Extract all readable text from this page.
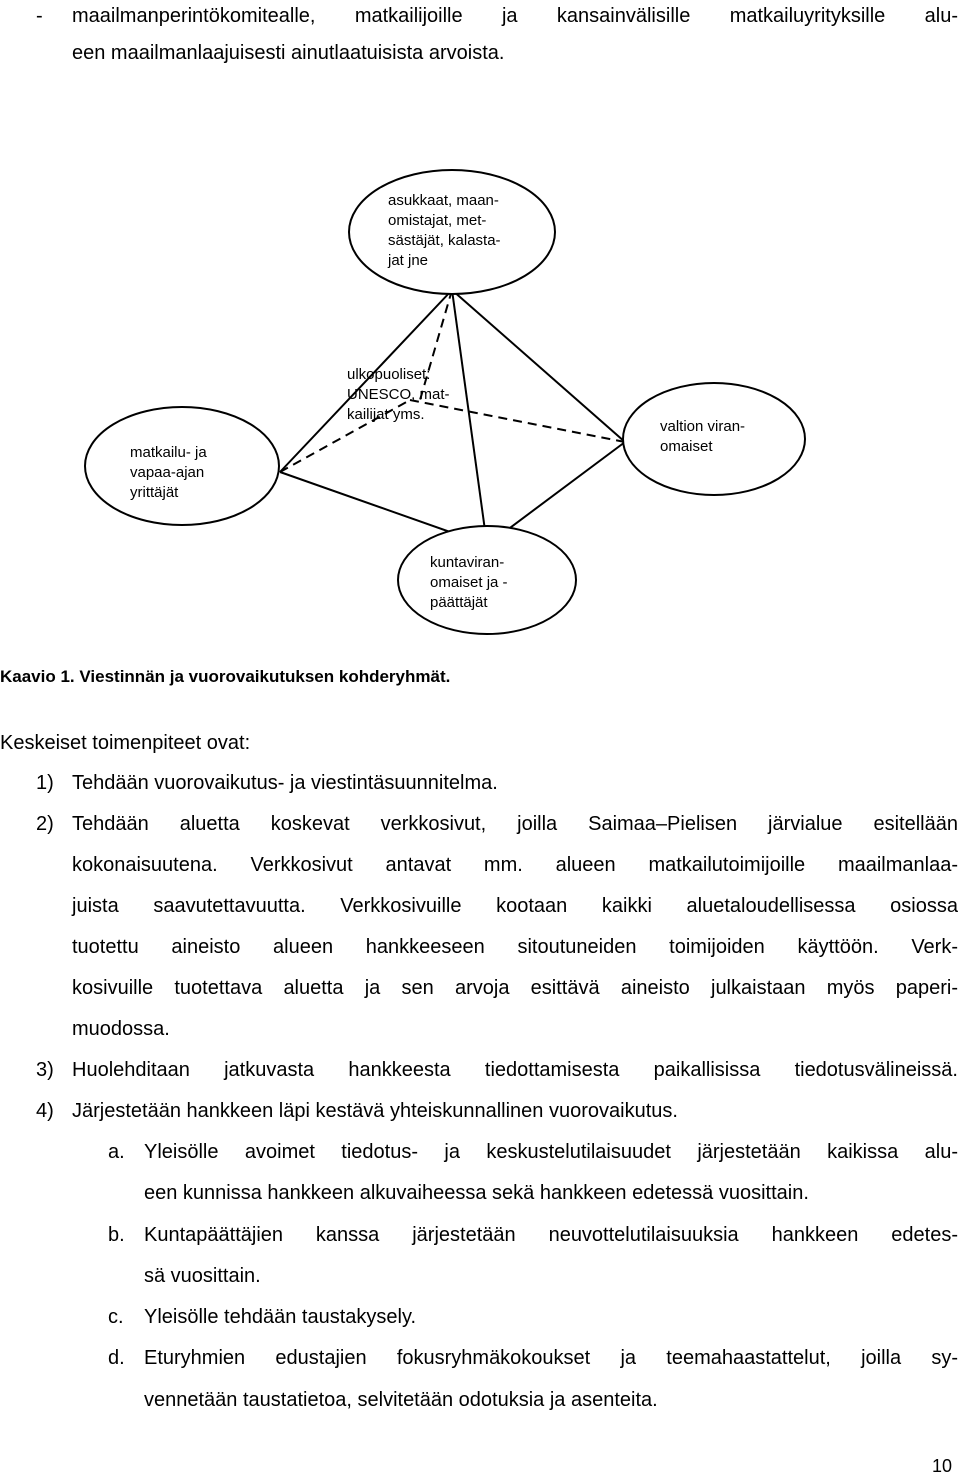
- maailmanperintökomitealle, matkailijoille ja kansainvälisille matkailuyrityksille alu-
een maailmanlaajuisesti ainutlaatuisista arvoista.
asukkaat, maan-
omistajat, met-
sästäjät, kalasta-
jat jne
ulkopuoliset:
UNESCO, mat-
kailijat yms.
matkailu- ja
vapaa-ajan
yrittäjät
valtion viran-
omaiset
kuntaviran-
omaiset ja -
päättäjät
Kaavio 1. Viestinnän ja vuorovaikutuksen kohderyhmät.
Keskeiset toimenpiteet ovat:
1) Tehdään vuorovaikutus- ja viestintäsuunnitelma.
2) Tehdään aluetta koskevat verkkosivut, joilla Saimaa–Pielisen järvialue esitellään
kokonaisuutena. Verkkosivut antavat mm. alueen matkailutoimijoille maailmanlaa-
juista saavutettavuutta. Verkkosivuille kootaan kaikki aluetaloudellisessa osiossa
tuotettu aineisto alueen hankkeeseen sitoutuneiden toimijoiden käyttöön. Verk-
kosivuille tuotettava aluetta ja sen arvoja esittävä aineisto julkaistaan myös paperi-
muodossa.
3) Huolehditaan jatkuvasta hankkeesta tiedottamisesta paikallisissa tiedotusvälineissä.
4) Järjestetään hankkeen läpi kestävä yhteiskunnallinen vuorovaikutus.
a. Yleisölle avoimet tiedotus- ja keskustelutilaisuudet järjestetään kaikissa alu-
een kunnissa hankkeen alkuvaiheessa sekä hankkeen edetessä vuosittain.
b. Kuntapäättäjien kanssa järjestetään neuvottelutilaisuuksia hankkeen edetes-
sä vuosittain.
c. Yleisölle tehdään taustakysely.
d. Eturyhmien edustajien fokusryhmäkokoukset ja teemahaastattelut, joilla sy-
vennetään taustatietoa, selvitetään odotuksia ja asenteita.
10
